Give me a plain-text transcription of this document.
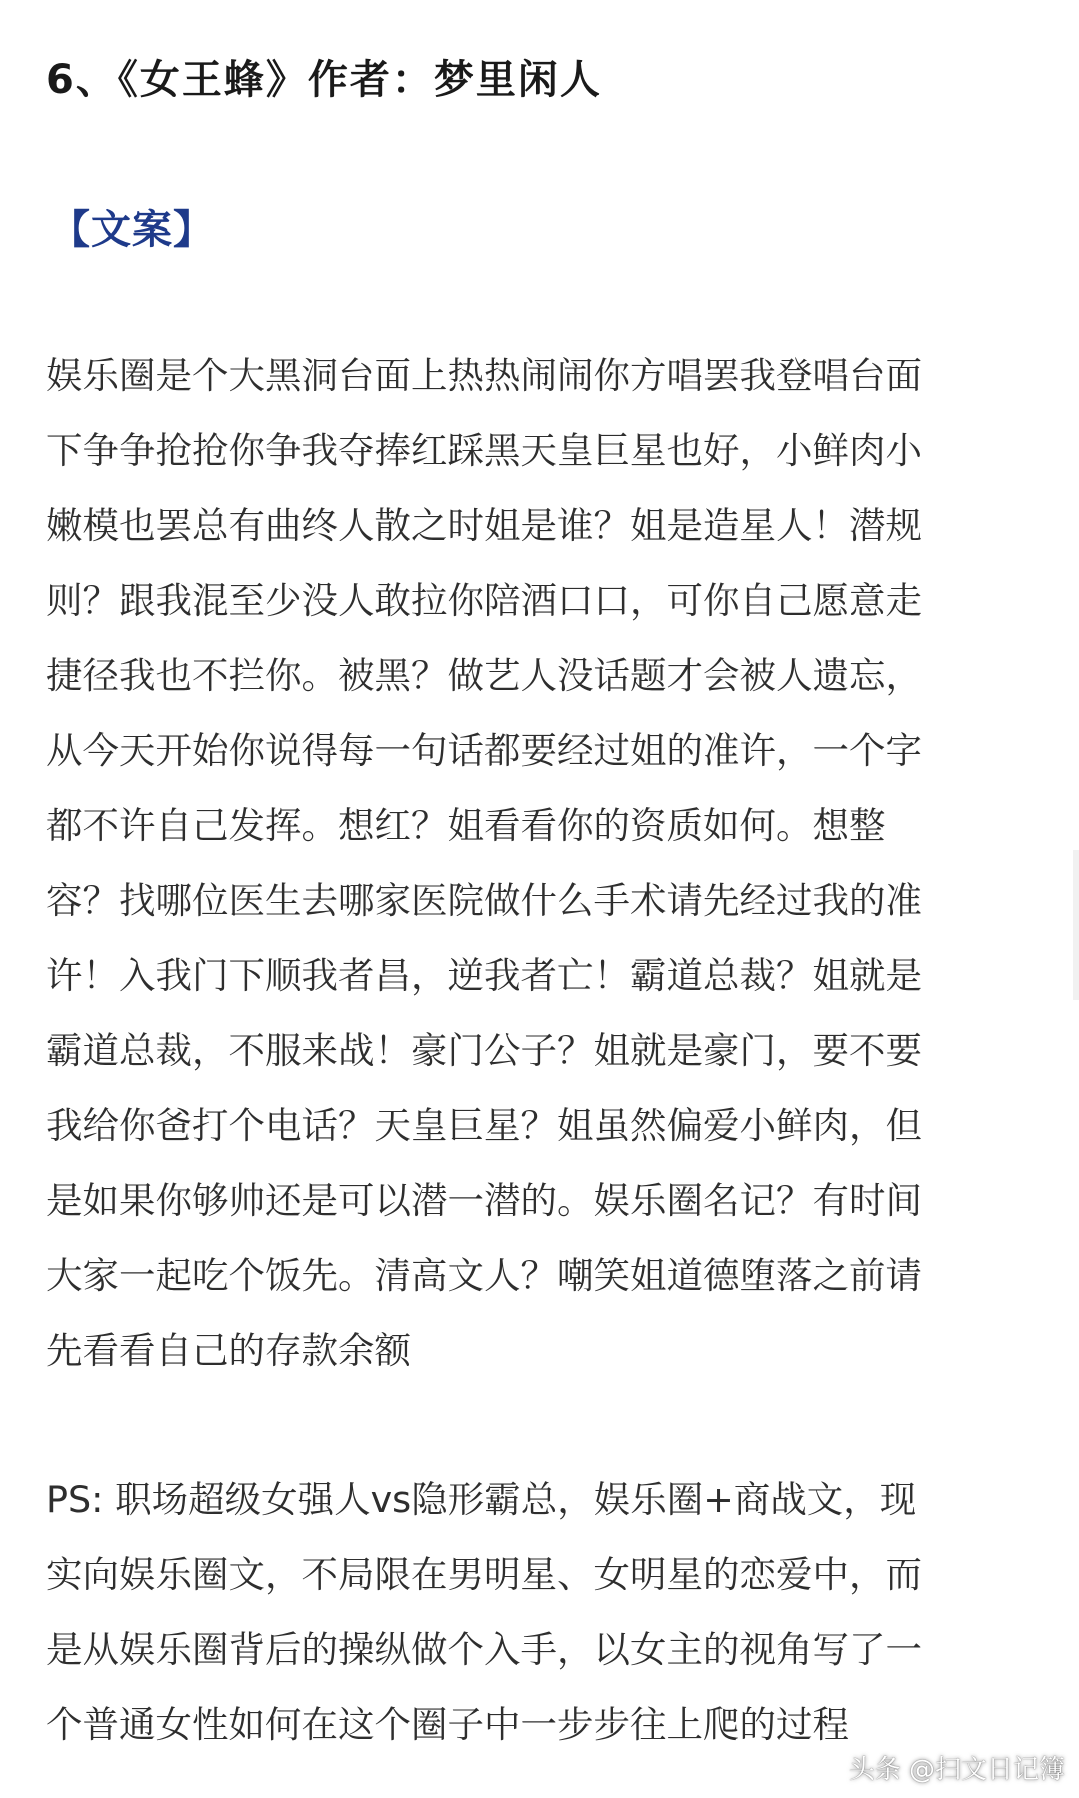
6、《女王蜂》作者：梦里闲人
【文案】
娱乐圈是个大黑洞台面上热热闹闹你方唱罢我登唱台面
下争争抢抢你争我夺捧红踩黑天皇巨星也好，小鲜肉小
嫩模也罢总有曲终人散之时姐是谁？姐是造星人！潜规
则？跟我混至少没人敢拉你陪酒口口，可你自己愿意走
捷径我也不拦你。被黑？做艺人没话题才会被人遗忘，
从今天开始你说得每一句话都要经过姐的准许，一个字
都不许自己发挥。想红？姐看看你的资质如何。想整
容？找哪位医生去哪家医院做什么手术请先经过我的准
许！入我门下顺我者昌，逆我者亡！霸道总裁？姐就是
霸道总裁，不服来战！豪门公子？姐就是豪门，要不要
我给你爸打个电话？天皇巨星？姐虽然偏爱小鲜肉，但
是如果你够帅还是可以潜一潜的。娱乐圈名记？有时间
大家一起吃个饭先。清高文人？嘲笑姐道德堕落之前请
先看看自己的存款余额
PS: 职场超级女强人vs隐形霸总，娱乐圈+商战文，现
实向娱乐圈文，不局限在男明星、女明星的恋爱中，而
是从娱乐圈背后的操纵做个入手，以女主的视角写了一
个普通女性如何在这个圈子中一步步往上爬的过程
头条 @扫文日记簿
